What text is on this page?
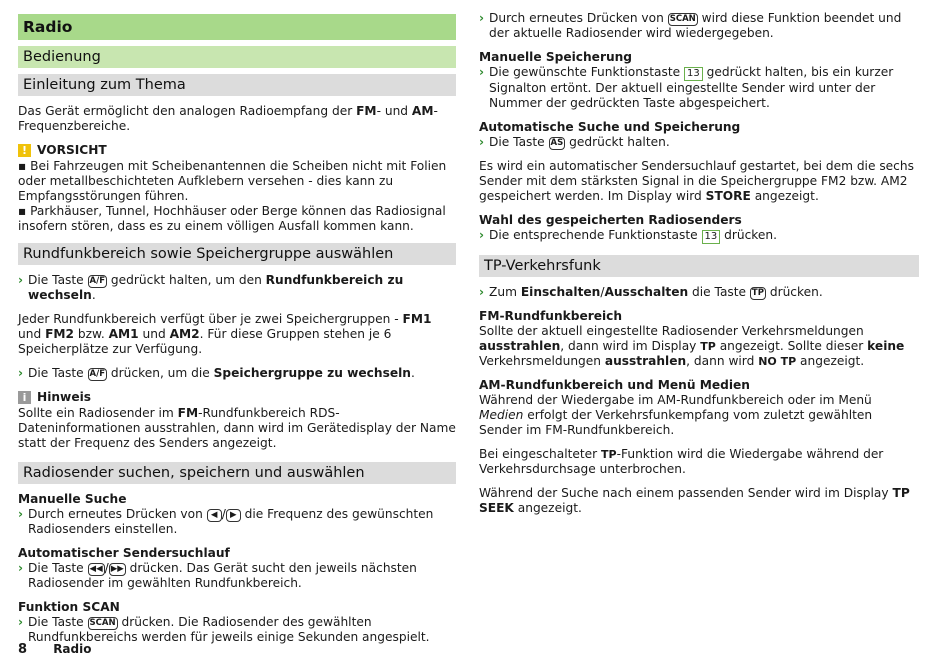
Radio
Bedienung
Einleitung zum Thema

Das Gerät ermöglicht den analogen Radioempfang der FM- und AM-Frequenzbereiche.

! VORSICHT
▪ Bei Fahrzeugen mit Scheibenantennen die Scheiben nicht mit Folien oder metallbeschichteten Aufklebern versehen - dies kann zu Empfangsstörungen führen.
▪ Parkhäuser, Tunnel, Hochhäuser oder Berge können das Radiosignal insofern stören, dass es zu einem völligen Ausfall kommen kann.
Rundfunkbereich sowie Speichergruppe auswählen
› Die Taste A/F gedrückt halten, um den Rundfunkbereich zu wechseln.

Jeder Rundfunkbereich verfügt über je zwei Speichergruppen - FM1 und FM2 bzw. AM1 und AM2. Für diese Gruppen stehen je 6 Speicherplätze zur Verfügung.

› Die Taste A/F drücken, um die Speichergruppe zu wechseln.
i Hinweis
Sollte ein Radiosender im FM-Rundfunkbereich RDS-Dateninformationen ausstrahlen, dann wird im Gerätedisplay der Name statt der Frequenz des Senders angezeigt.
Radiosender suchen, speichern und auswählen
Manuelle Suche
› Durch erneutes Drücken von ◀ / ▶ die Frequenz des gewünschten Radiosenders einstellen.
Automatischer Sendersuchlauf
› Die Taste ◀◀ / ▶▶ drücken. Das Gerät sucht den jeweils nächsten Radiosender im gewählten Rundfunkbereich.
Funktion SCAN
› Die Taste SCAN drücken. Die Radiosender des gewählten Rundfunkbereichs werden für jeweils einige Sekunden angespielt.
› Durch erneutes Drücken von SCAN wird diese Funktion beendet und der aktuelle Radiosender wird wiedergegeben.
Manuelle Speicherung
› Die gewünschte Funktionstaste 13 gedrückt halten, bis ein kurzer Signalton ertönt. Der aktuell eingestellte Sender wird unter der Nummer der gedrückten Taste abgespeichert.
Automatische Suche und Speicherung
› Die Taste AS gedrückt halten.

Es wird ein automatischer Sendersuchlauf gestartet, bei dem die sechs Sender mit dem stärksten Signal in die Speichergruppe FM2 bzw. AM2 gespeichert werden. Im Display wird STORE angezeigt.

Wahl des gespeicherten Radiosenders
› Die entsprechende Funktionstaste 13 drücken.
TP-Verkehrsfunk
› Zum Einschalten/Ausschalten die Taste TP drücken.
FM-Rundfunkbereich

Sollte der aktuell eingestellte Radiosender Verkehrsmeldungen ausstrahlen, dann wird im Display TP angezeigt. Sollte dieser keine Verkehrsmeldungen ausstrahlen, dann wird NO TP angezeigt.

AM-Rundfunkbereich und Menü Medien

Während der Wiedergabe im AM-Rundfunkbereich oder im Menü Medien erfolgt der Verkehrsfunkempfang vom zuletzt gewählten Sender im FM-Rundfunkbereich.

Bei eingeschalteter TP-Funktion wird die Wiedergabe während der Verkehrsdurchsage unterbrochen.

Während der Suche nach einem passenden Sender wird im Display TP SEEK angezeigt.

8 Radio
